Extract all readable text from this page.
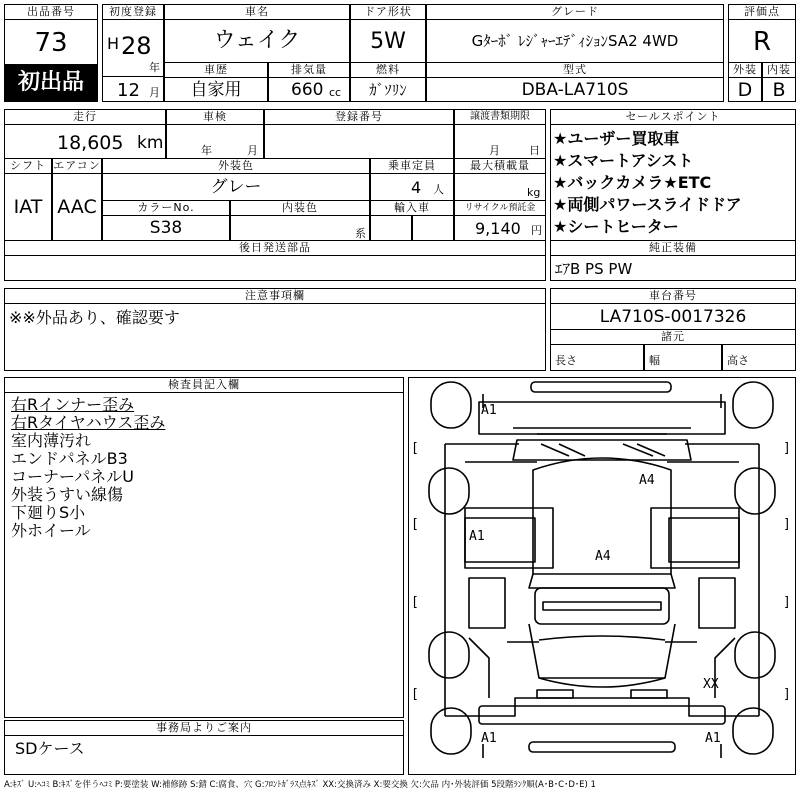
出品番号
73
初出品
初度登録
H 28
年
12 月
車名
ウェイク
ドア形状
5W
グレード
Gﾀｰﾎﾞ ﾚｼﾞｬｰｴﾃﾞｨｼｮﾝSA2 4WD
評価点
R
車歴
自家用
排気量
660 cc
燃料
ｶﾞｿﾘﾝ
型式
DBA-LA710S
外装 内装
D	B
走行
18,605 km
車検
年	月
登録番号	譲渡書類期限
月	日
シフト
IAT
エアコン
AAC
外装色
グレー
乗車定員
4 人
最大積載量
kg
カラーNo.
S38
内装色
系
輸入車	リサイクル預託金
9,140 円
後日発送部品
セールスポイント
★ユーザー買取車
★スマートアシスト
★バックカメラ★ETC
★両側パワースライドドア
★シートヒーター
純正装備
ｴｱB PS PW
注意事項欄
※※外品あり、確認要す
車台番号
LA710S-0017326
諸元
長さ	幅	高さ
検査員記入欄
右Rインナー歪み
右Rタイヤハウス歪み
室内薄汚れ
エンドパネルB3
コーナーパネルU
外装うすい線傷
下廻りS小
外ホイール
事務局よりご案内
SDケース
A1
A4
A1
A4
XX
A1	A1
[	]
[	]
[	]
[	]
A:ｷｽﾞ U:ﾍｺﾐ B:ｷｽﾞを伴うﾍｺﾐ P:要塗装 W:補修跡 S:錆 C:腐食、穴 G:ﾌﾛﾝﾄｶﾞﾗｽ点ｷｽﾞ XX:交換済み X:要交換 欠:欠品 内･外装評価 5段階ﾗﾝｸ順(A･B･C･D･E) 1
